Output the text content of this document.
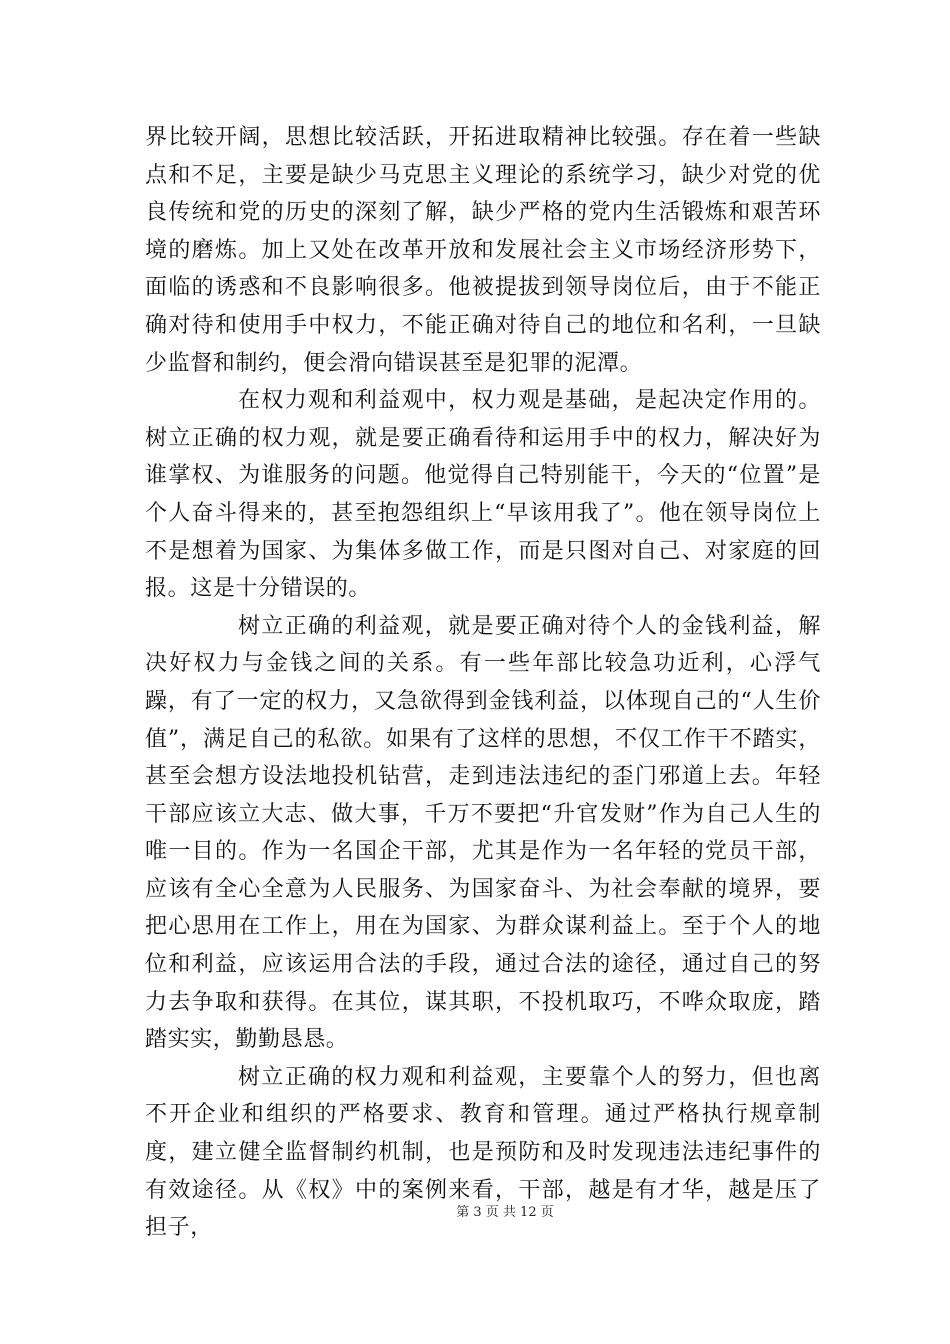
界比较开阔，思想比较活跃，开拓进取精神比较强。存在着一些缺点和不足，主要是缺少马克思主义理论的系统学习，缺少对党的优良传统和党的历史的深刻了解，缺少严格的党内生活锻炼和艰苦环境的磨炼。加上又处在改革开放和发展社会主义市场经济形势下，面临的诱惑和不良影响很多。他被提拔到领导岗位后，由于不能正确对待和使用手中权力，不能正确对待自己的地位和名利，一旦缺少监督和制约，便会滑向错误甚至是犯罪的泥潭。

在权力观和利益观中，权力观是基础，是起决定作用的。树立正确的权力观，就是要正确看待和运用手中的权力，解决好为谁掌权、为谁服务的问题。他觉得自己特别能干，今天的“位置”是个人奋斗得来的，甚至抱怨组织上“早该用我了”。他在领导岗位上不是想着为国家、为集体多做工作，而是只图对自己、对家庭的回报。这是十分错误的。

树立正确的利益观，就是要正确对待个人的金钱利益，解决好权力与金钱之间的关系。有一些年部比较急功近利，心浮气躁，有了一定的权力，又急欲得到金钱利益，以体现自己的“人生价值”，满足自己的私欲。如果有了这样的思想，不仅工作干不踏实，甚至会想方设法地投机钻营，走到违法违纪的歪门邪道上去。年轻干部应该立大志、做大事，千万不要把“升官发财”作为自己人生的唯一目的。作为一名国企干部，尤其是作为一名年轻的党员干部，应该有全心全意为人民服务、为国家奋斗、为社会奉献的境界，要把心思用在工作上，用在为国家、为群众谋利益上。至于个人的地位和利益，应该运用合法的手段，通过合法的途径，通过自己的努力去争取和获得。在其位，谋其职，不投机取巧，不哗众取庞，踏踏实实，勤勤恳恳。

树立正确的权力观和利益观，主要靠个人的努力，但也离不开企业和组织的严格要求、教育和管理。通过严格执行规章制度，建立健全监督制约机制，也是预防和及时发现违法违纪事件的有效途径。从《权》中的案例来看，干部，越是有才华，越是压了担子，

第 3 页 共 12 页
